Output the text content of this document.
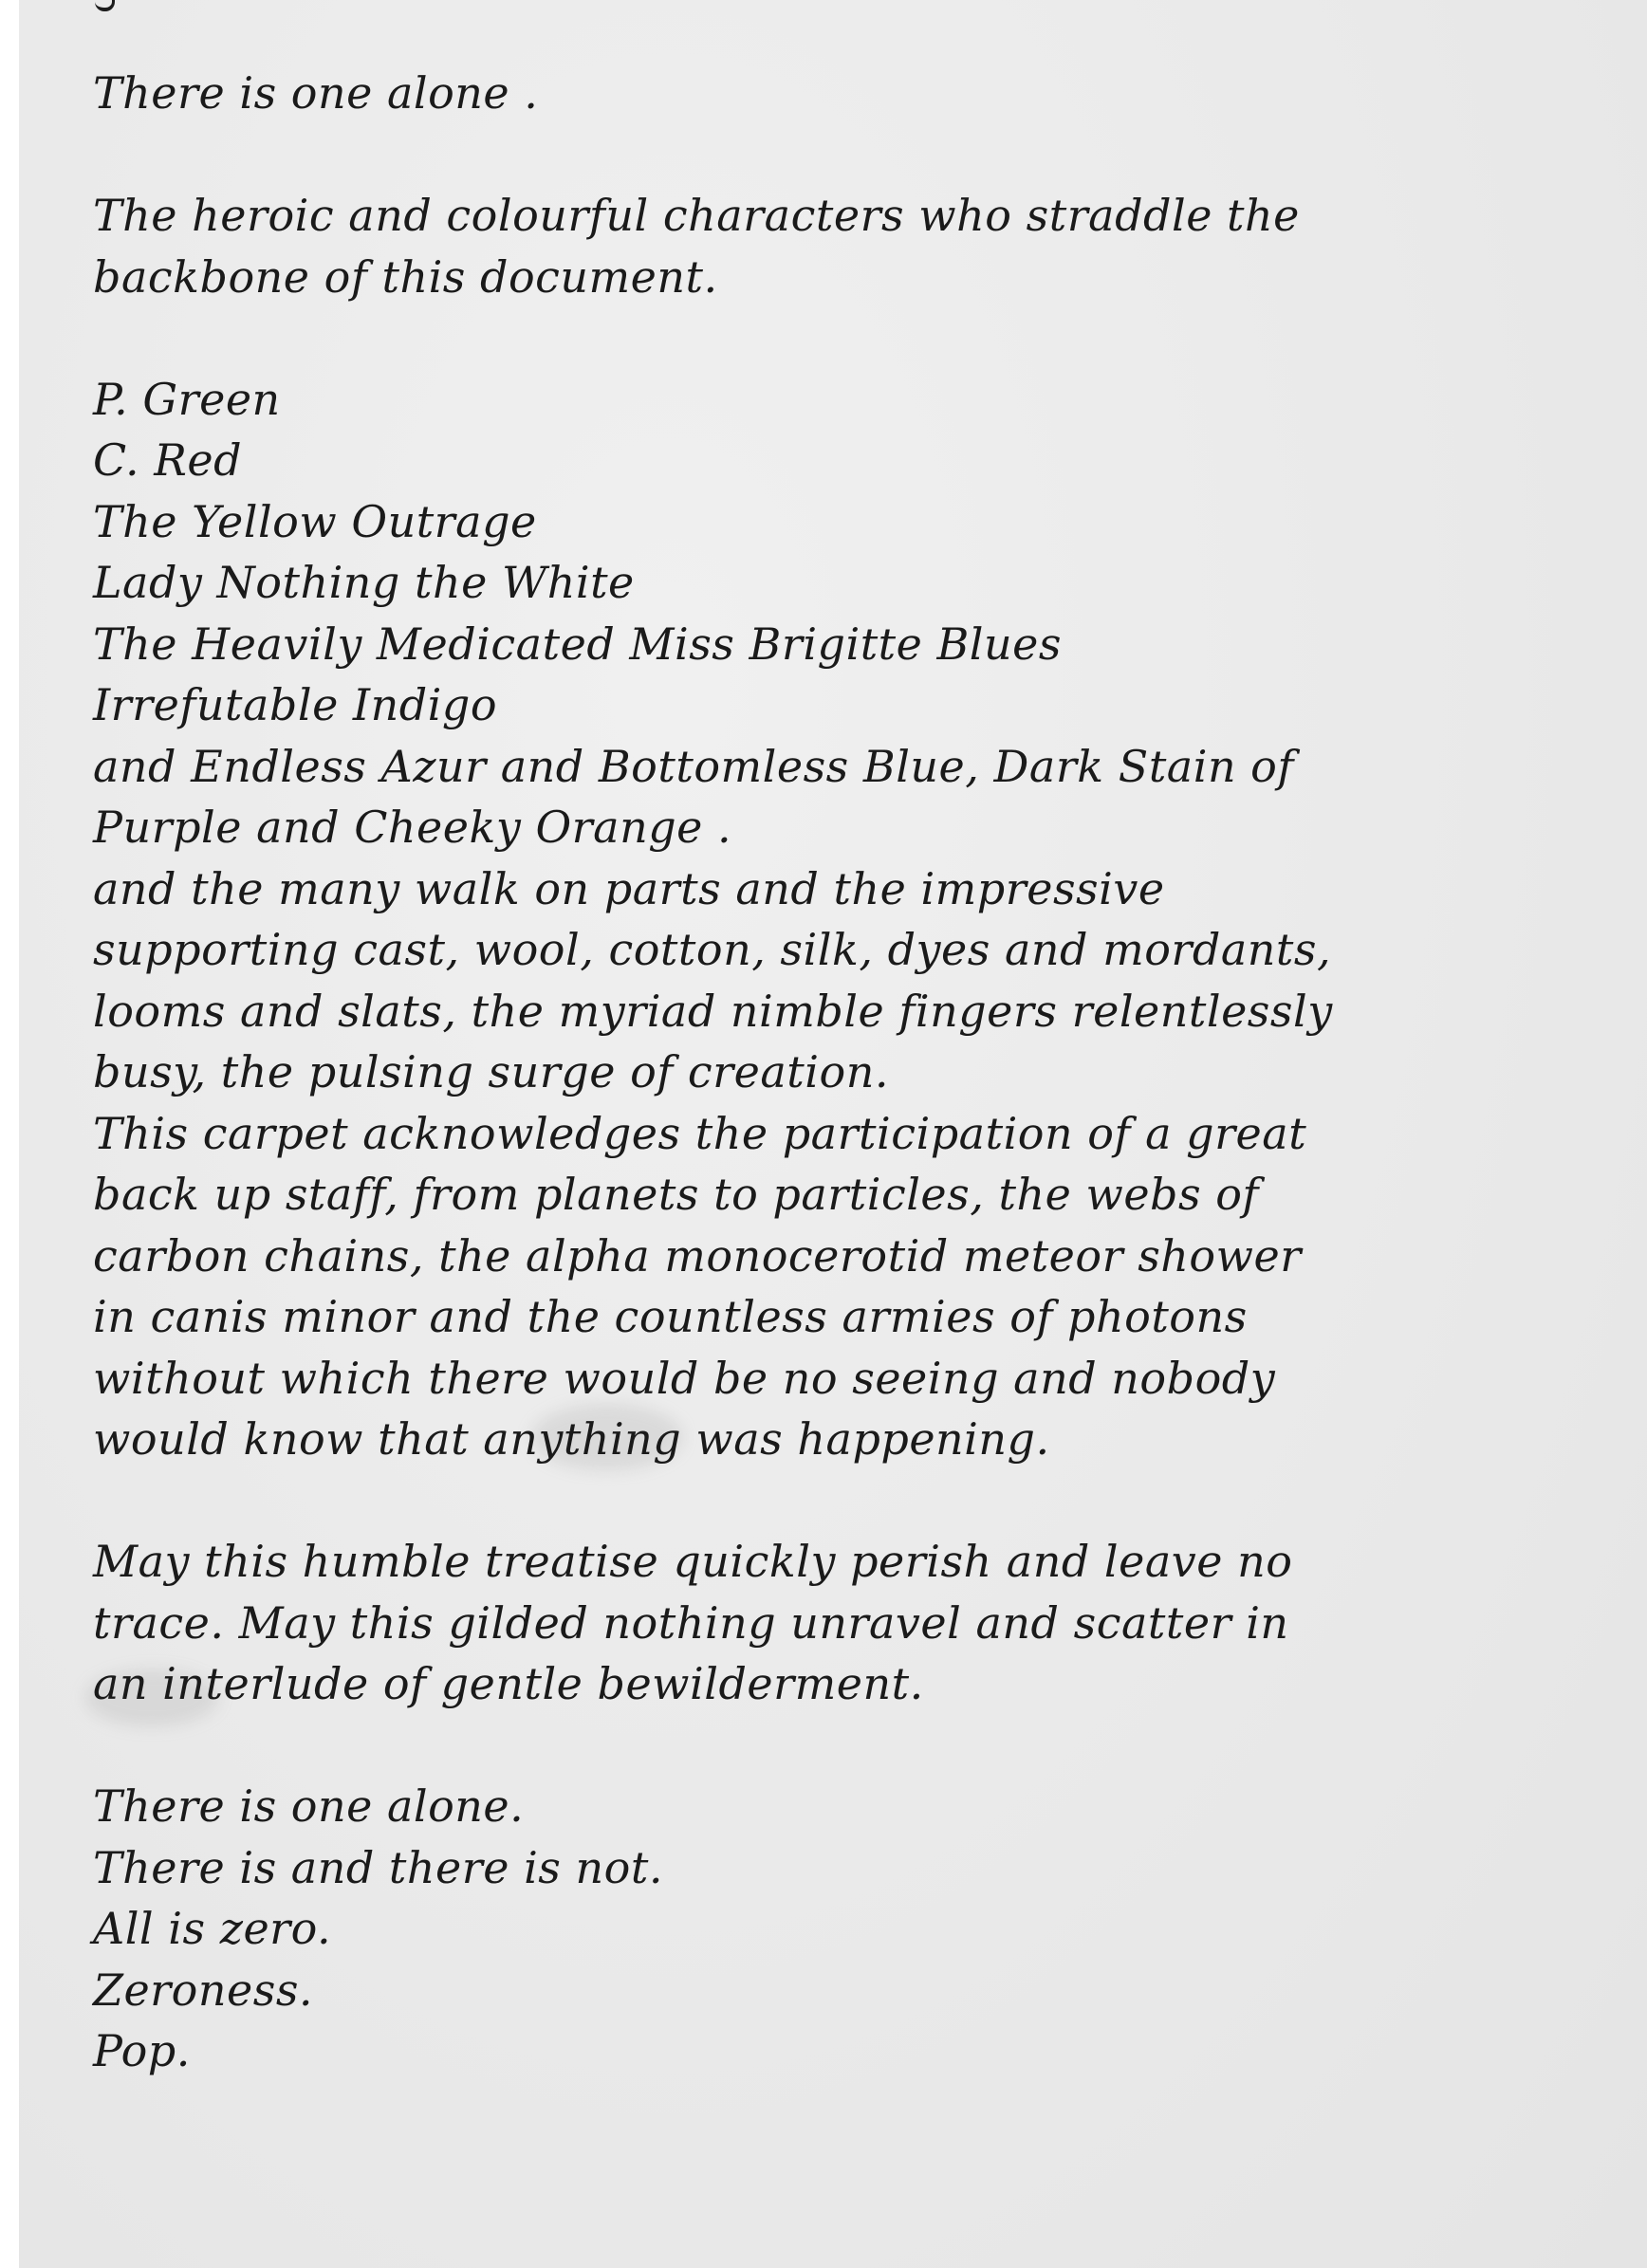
There is one alone .
The heroic and colourful characters who straddle the
backbone of this document.
P. Green
C. Red
The Yellow Outrage
Lady Nothing the White
The Heavily Medicated Miss Brigitte Blues
Irrefutable Indigo
and Endless Azur and Bottomless Blue, Dark Stain of
Purple and Cheeky Orange .
and the many walk on parts and the impressive
supporting cast, wool, cotton, silk, dyes and mordants,
looms and slats, the myriad nimble fingers relentlessly
busy, the pulsing surge of creation.
This carpet acknowledges the participation of a great
back up staff, from planets to particles, the webs of
carbon chains, the alpha monocerotid meteor shower
in canis minor and the countless armies of photons
without which there would be no seeing and nobody
would know that anything was happening.
May this humble treatise quickly perish and leave no
trace. May this gilded nothing unravel and scatter in
an interlude of gentle bewilderment.
There is one alone.
There is and there is not.
All is zero.
Zeroness.
Pop.
